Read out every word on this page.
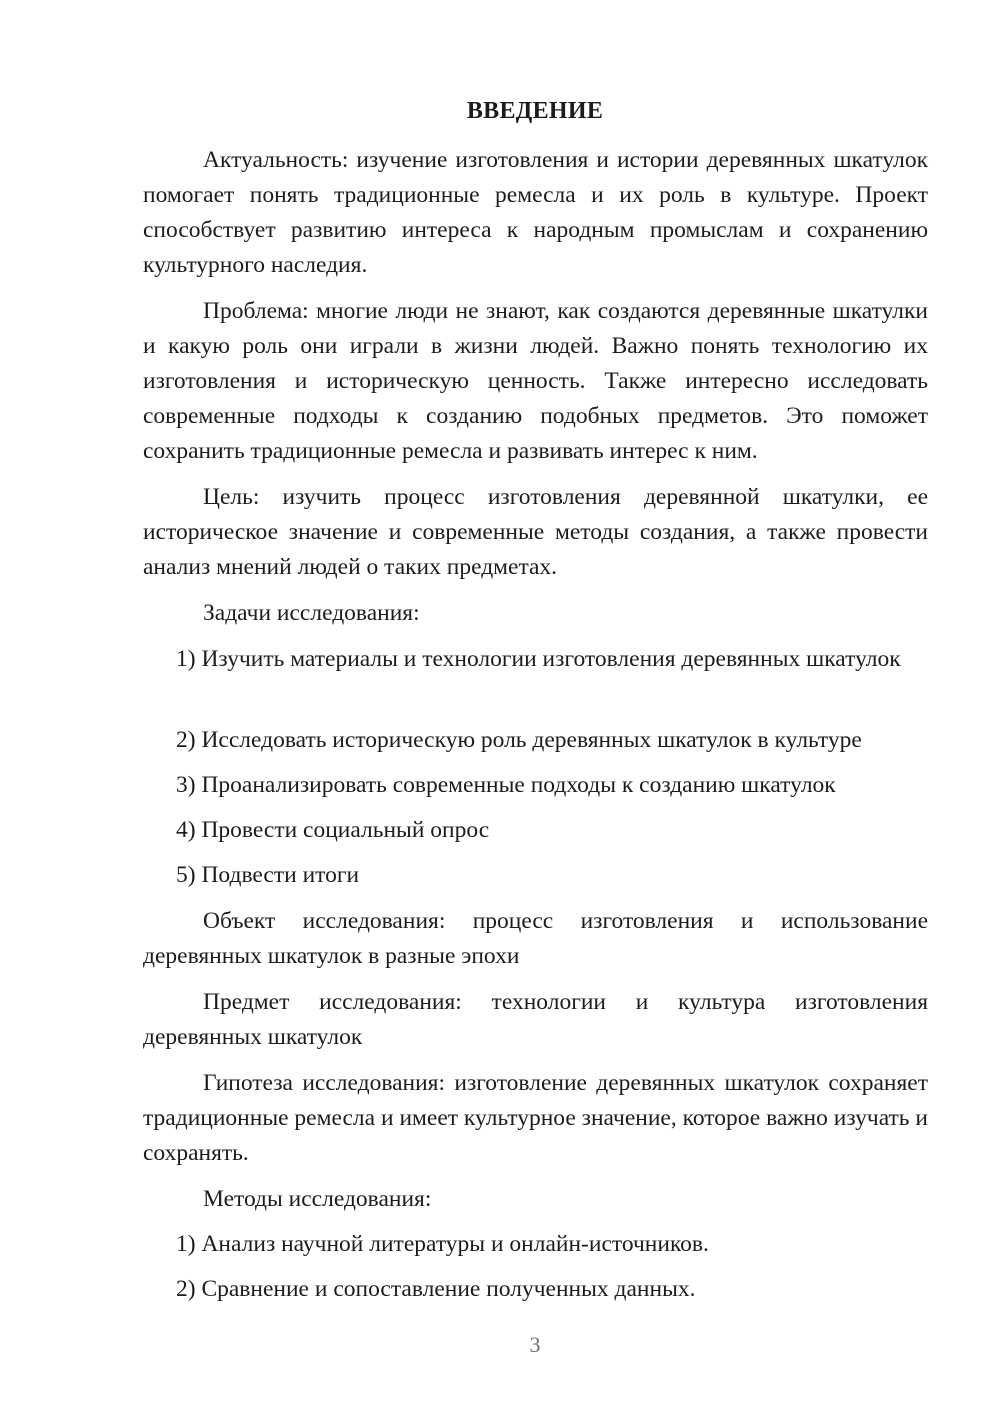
ВВЕДЕНИЕ
Актуальность: изучение изготовления и истории деревянных шкатулок помогает понять традиционные ремесла и их роль в культуре. Проект способствует развитию интереса к народным промыслам и сохранению культурного наследия.
Проблема: многие люди не знают, как создаются деревянные шкатулки и какую роль они играли в жизни людей. Важно понять технологию их изготовления и историческую ценность. Также интересно исследовать современные подходы к созданию подобных предметов. Это поможет сохранить традиционные ремесла и развивать интерес к ним.
Цель: изучить процесс изготовления деревянной шкатулки, ее историческое значение и современные методы создания, а также провести анализ мнений людей о таких предметах.
Задачи исследования:
1) Изучить материалы и технологии изготовления деревянных шкатулок
2) Исследовать историческую роль деревянных шкатулок в культуре
3) Проанализировать современные подходы к созданию шкатулок
4) Провести социальный опрос
5) Подвести итоги
Объект исследования: процесс изготовления и использование деревянных шкатулок в разные эпохи
Предмет исследования: технологии и культура изготовления деревянных шкатулок
Гипотеза исследования: изготовление деревянных шкатулок сохраняет традиционные ремесла и имеет культурное значение, которое важно изучать и сохранять.
Методы исследования:
1) Анализ научной литературы и онлайн-источников.
2) Сравнение и сопоставление полученных данных.
3
